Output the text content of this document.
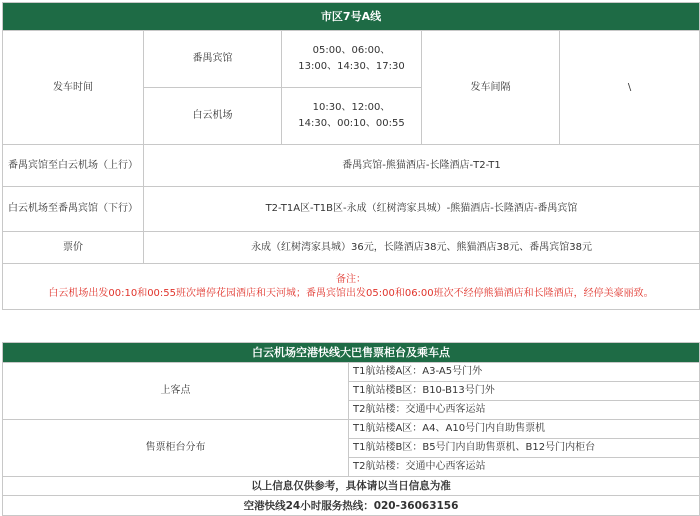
市区7号A线				
发车时间	番禺宾馆	05:00、06:00、
13:00、14:30、17:30	发车间隔	\
	白云机场	10:30、12:00、
14:30、00:10、00:55		
番禺宾馆至白云机场（上行）	番禺宾馆-熊猫酒店-长隆酒店-T2-T1			
白云机场至番禺宾馆（下行）	T2-T1A区-T1B区-永成（红树湾家具城）-熊猫酒店-长隆酒店-番禺宾馆			
票价	永成（红树湾家具城）36元，长隆酒店38元、熊猫酒店38元、番禺宾馆38元			

备注：
白云机场出发00:10和00:55班次增停花园酒店和天河城；番禺宾馆出发05:00和06:00班次不经停熊猫酒店和长隆酒店，经停美豪丽致。				
白云机场空港快线大巴售票柜台及乘车点	
上客点	T1航站楼A区：A3-A5号门外
	T1航站楼B区：B10-B13号门外
	T2航站楼：交通中心西客运站
售票柜台分布	T1航站楼A区：A4、A10号门内自助售票机
	T1航站楼B区：B5号门内自助售票机、B12号门内柜台
	T2航站楼：交通中心西客运站
以上信息仅供参考，具体请以当日信息为准	
空港快线24小时服务热线：020-36063156	
